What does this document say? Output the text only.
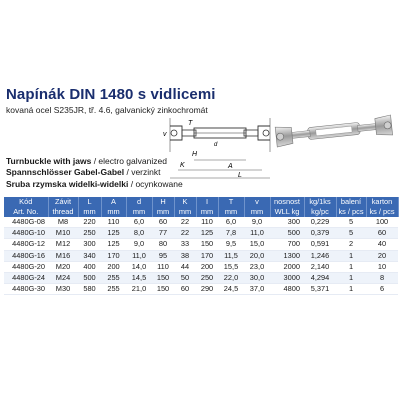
Napínák DIN 1480 s vidlicemi
kovaná ocel S235JR, tř. 4.6, galvanický zinkochromát
v
T
d
H
K	A
L
Turnbuckle with jaws / electro galvanized
Spannschlösser Gabel-Gabel / verzinkt
Sruba rzymska widelki-widelki / ocynkowane
Kód	Závit	L	A	d	H	K	I	T	v	nosnost	kg/1ks	balení	karton
Art. No.	thread	mm	mm	mm	mm	mm	mm	mm	mm	WLL kg	kg/pc	ks / pcs	ks / pcs
4480G-08	M8	220	110	6,0	60	22	110	6,0	9,0	300	0,229	5	100
4480G-10	M10	250	125	8,0	77	22	125	7,8	11,0	500	0,379	5	60
4480G-12	M12	300	125	9,0	80	33	150	9,5	15,0	700	0,591	2	40
4480G-16	M16	340	170	11,0	95	38	170	11,5	20,0	1300	1,246	1	20
4480G-20	M20	400	200	14,0	110	44	200	15,5	23,0	2000	2,140	1	10
4480G-24	M24	500	255	14,5	150	50	250	22,0	30,0	3000	4,294	1	8
4480G-30	M30	580	255	21,0	150	60	290	24,5	37,0	4800	5,371	1	6
